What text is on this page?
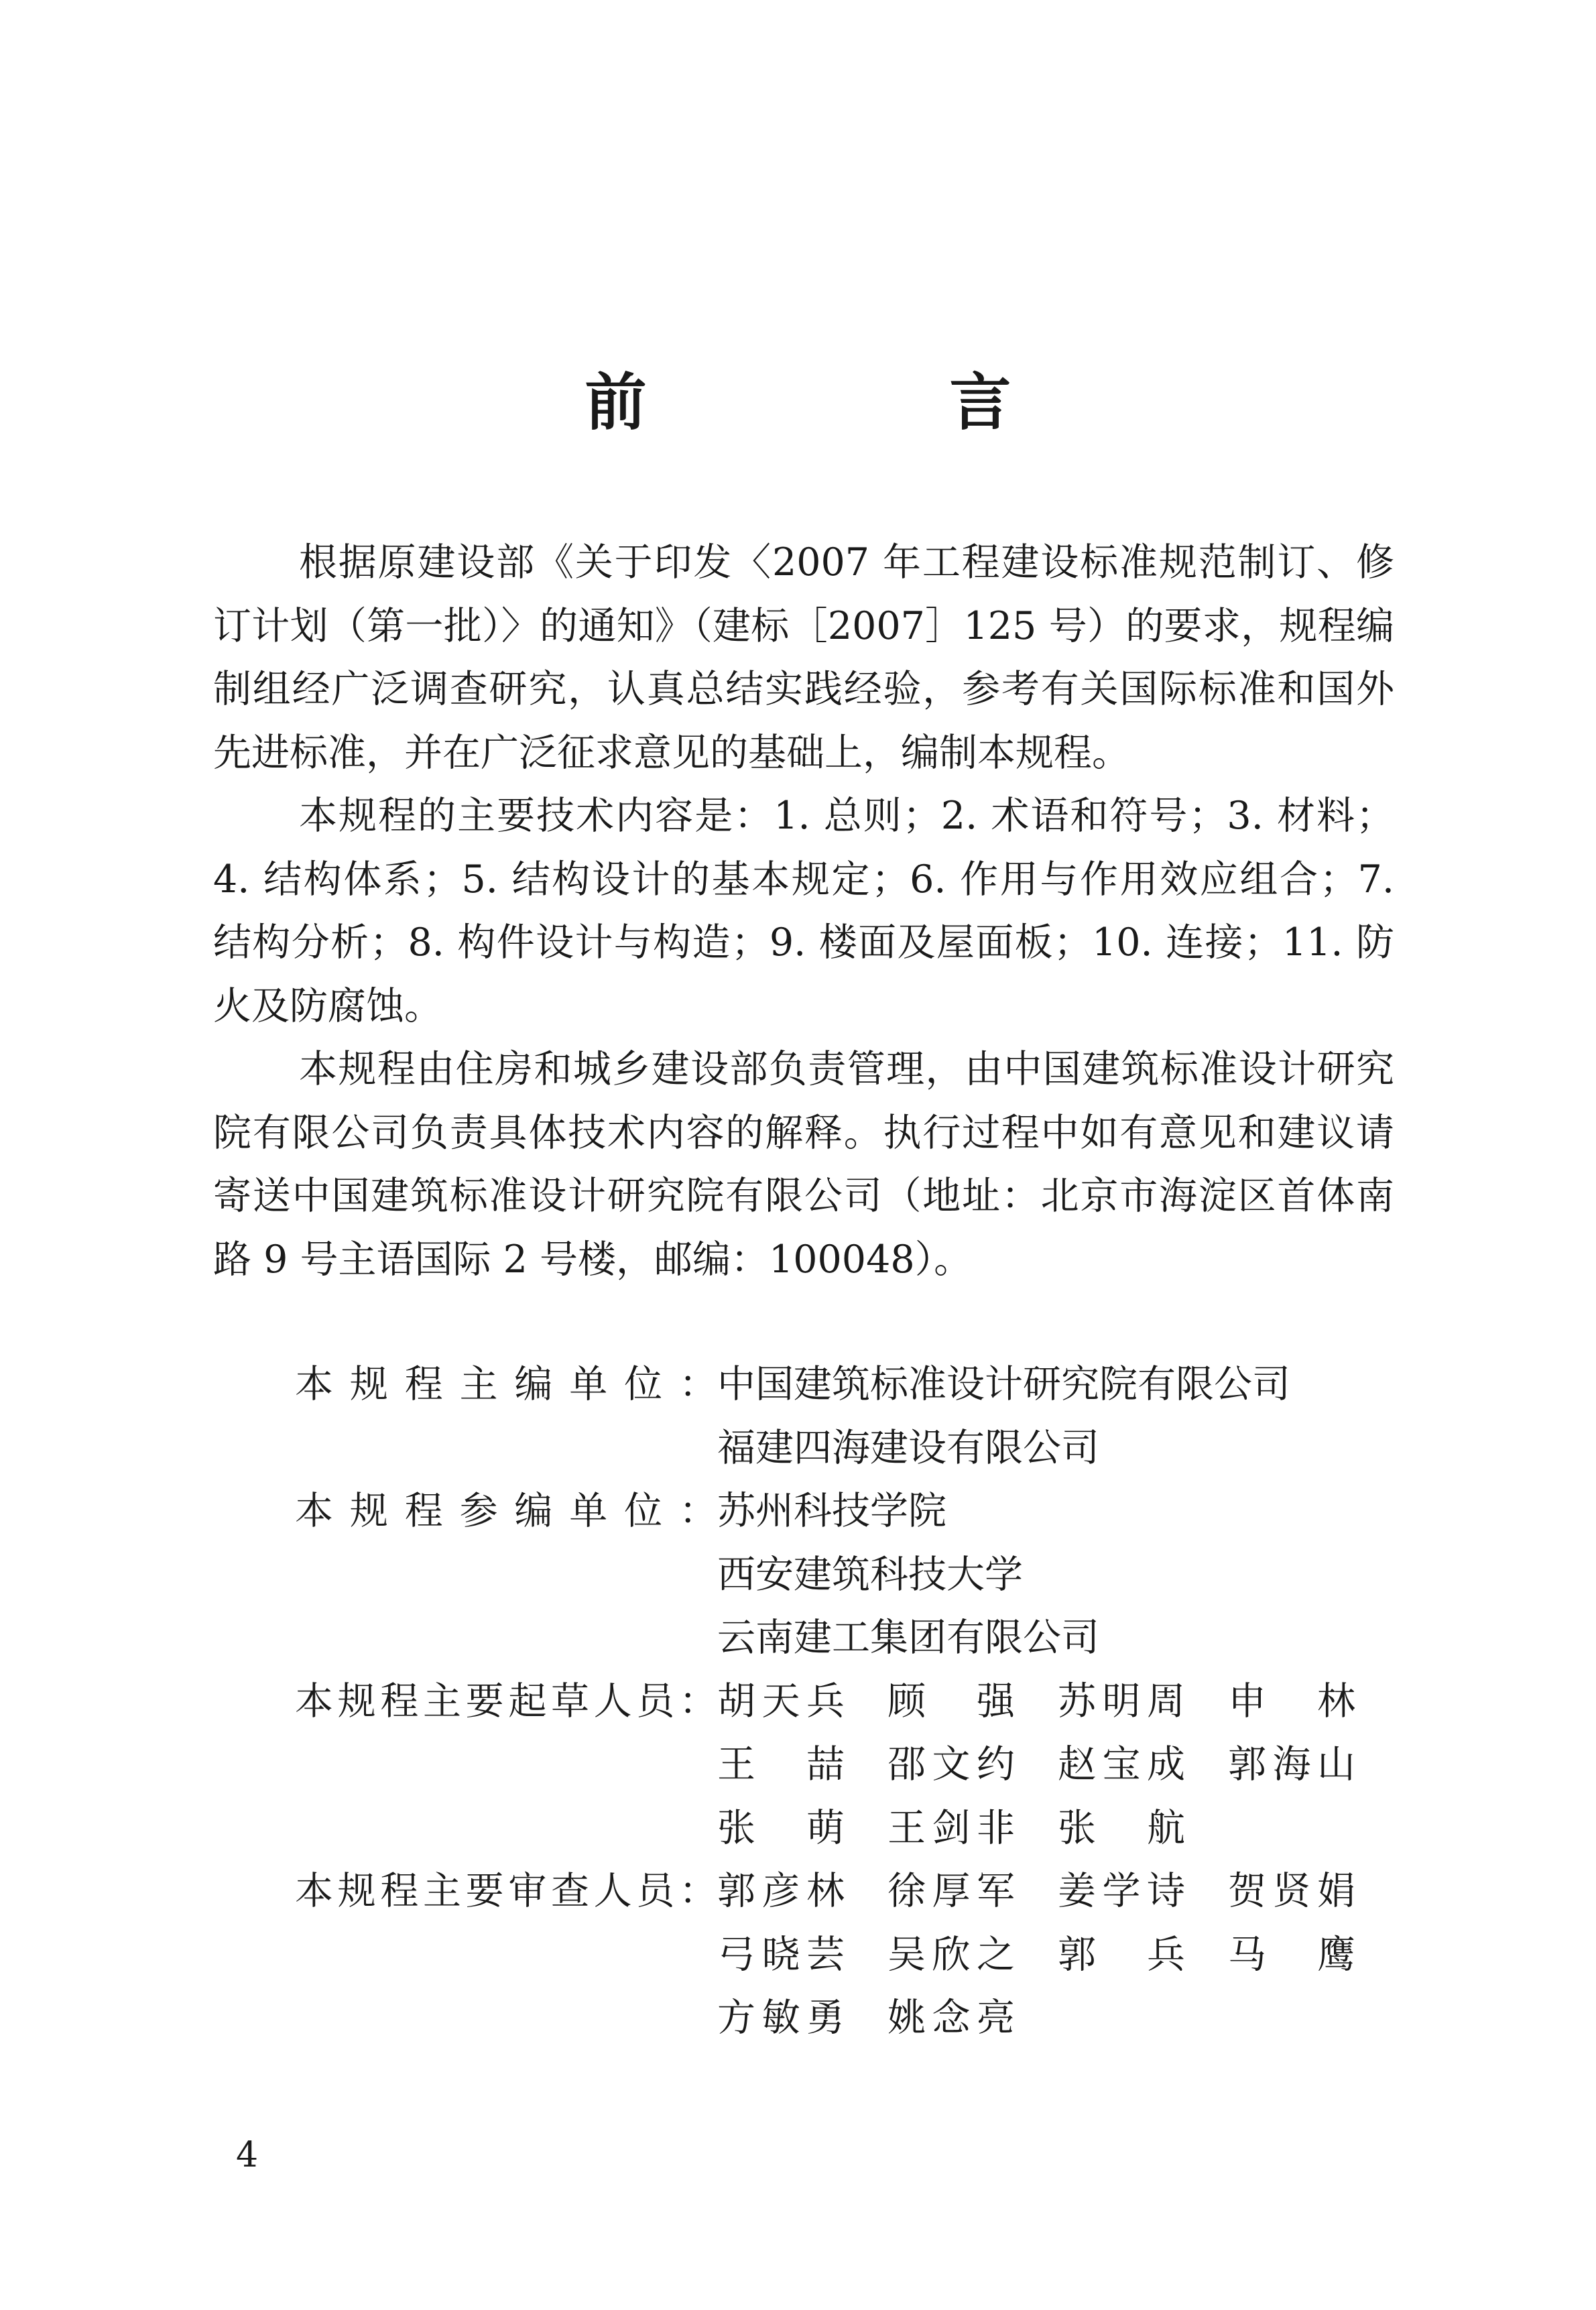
前 言

根据原建设部《关于印发〈2007 年工程建设标准规范制订、修订计划（第一批）〉的通知》（建标［2007］125 号）的要求，规程编制组经广泛调查研究，认真总结实践经验，参考有关国际标准和国外先进标准，并在广泛征求意见的基础上，编制本规程。

本规程的主要技术内容是：1. 总则；2. 术语和符号；3. 材料；4. 结构体系；5. 结构设计的基本规定；6. 作用与作用效应组合；7. 结构分析；8. 构件设计与构造；9. 楼面及屋面板；10. 连接；11. 防火及防腐蚀。

本规程由住房和城乡建设部负责管理，由中国建筑标准设计研究院有限公司负责具体技术内容的解释。执行过程中如有意见和建议请寄送中国建筑标准设计研究院有限公司（地址：北京市海淀区首体南路 9 号主语国际 2 号楼，邮编：100048）。

本规程主编单位： 中国建筑标准设计研究院有限公司
福建四海建设有限公司
本规程参编单位： 苏州科技学院
西安建筑科技大学
云南建工集团有限公司
本规程主要起草人员： 胡天兵 顾强 苏明周 申林
王喆 邵文约 赵宝成 郭海山
张萌 王剑非 张航
本规程主要审查人员： 郭彦林 徐厚军 姜学诗 贺贤娟
弓晓芸 吴欣之 郭兵 马鹰
方敏勇 姚念亮
4
